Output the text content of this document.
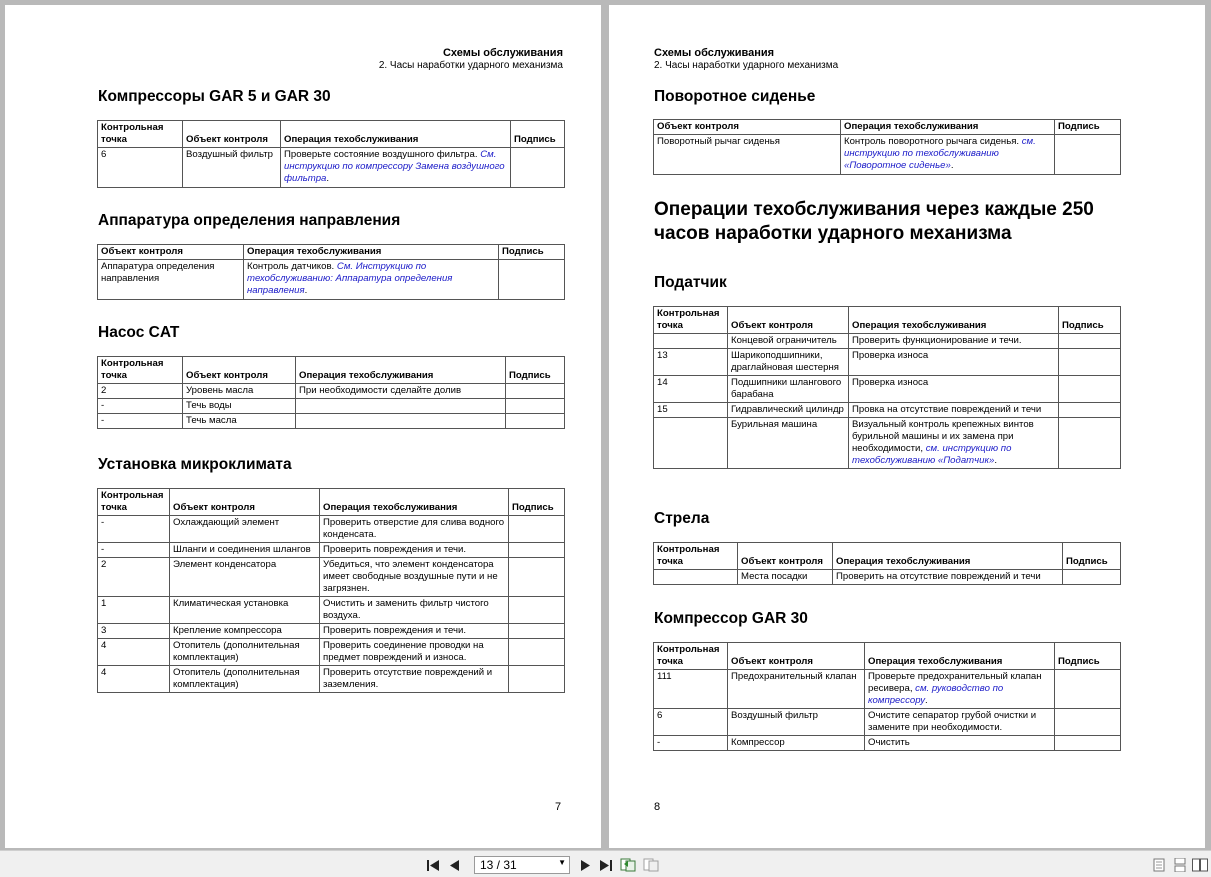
Схемы обслуживания
2. Часы наработки ударного механизма
Компрессоры GAR 5 и GAR 30
Контрольная точка	Объект контроля	Операция техобслуживания	Подпись
6	Воздушный фильтр	Проверьте состояние воздушного фильтра. См. инструкцию по компрессору Замена воздушного фильтра.	
Аппаратура определения направления
Объект контроля	Операция техобслуживания	Подпись
Аппаратура определения направления	Контроль датчиков. См. Инструкцию по техобслуживанию: Аппаратура определения направления.	
Насос CAT
Контрольная точка	Объект контроля	Операция техобслуживания	Подпись
2	Уровень масла	При необходимости сделайте долив	
-	Течь воды		
-	Течь масла		
Установка микроклимата
Контрольная точка	Объект контроля	Операция техобслуживания	Подпись
-	Охлаждающий элемент	Проверить отверстие для слива водного конденсата.	
-	Шланги и соединения шлангов	Проверить повреждения и течи.	
2	Элемент конденсатора	Убедиться, что элемент конденсатора имеет свободные воздушные пути и не загрязнен.	
1	Климатическая установка	Очистить и заменить фильтр чистого воздуха.	
3	Крепление компрессора	Проверить повреждения и течи.	
4	Отопитель (дополнительная комплектация)	Проверить соединение проводки на предмет повреждений и износа.	
4	Отопитель (дополнительная комплектация)	Проверить отсутствие повреждений и заземления.	
7
Схемы обслуживания
2. Часы наработки ударного механизма
Поворотное сиденье
Объект контроля	Операция техобслуживания	Подпись
Поворотный рычаг сиденья	Контроль поворотного рычага сиденья. см. инструкцию по техобслуживанию «Поворотное сиденье».	
Операции техобслуживания через каждые 250 часов наработки ударного механизма
Податчик
Контрольная точка	Объект контроля	Операция техобслуживания	Подпись
	Концевой ограничитель	Проверить функционирование и течи.	
13	Шарикоподшипники, драглайновая шестерня	Проверка износа	
14	Подшипники шлангового барабана	Проверка износа	
15	Гидравлический цилиндр	Провка на отсутствие повреждений и течи	
	Бурильная машина	Визуальный контроль крепежных винтов бурильной машины и их замена при необходимости, см. инструкцию по техобслуживанию «Податчик».	
Стрела
Контрольная точка	Объект контроля	Операция техобслуживания	Подпись
	Места посадки	Проверить на отсутствие повреждений и течи	
Компрессор GAR 30
Контрольная точка	Объект контроля	Операция техобслуживания	Подпись
111	Предохранительный клапан	Проверьте предохранительный клапан ресивера, см. руководство по компрессору.	
6	Воздушный фильтр	Очистите сепаратор грубой очистки и замените при необходимости.	
-	Компрессор	Очистить	
8
13 / 31	▼
